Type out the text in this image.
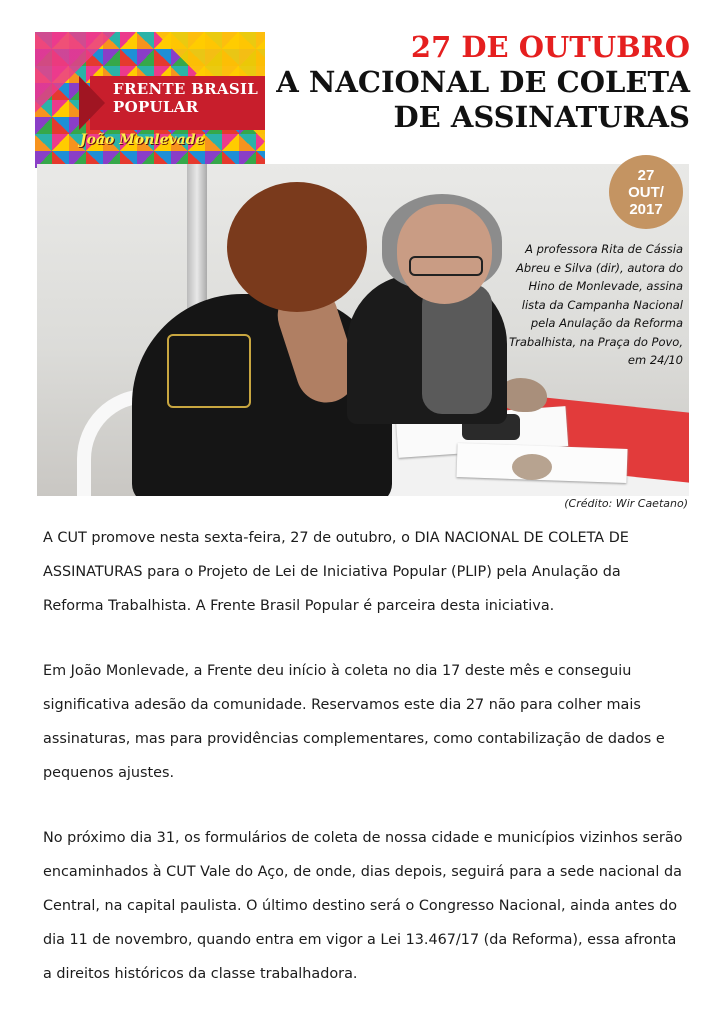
FRENTE BRASIL
POPULAR
João Monlevade
27 DE OUTUBRO
A NACIONAL DE COLETA
DE ASSINATURAS
27
OUT/
2017
A professora Rita de Cássia Abreu e Silva (dir), autora do Hino de Monlevade, assina lista da Campanha Nacional pela Anulação da Reforma Trabalhista, na Praça do Povo, em 24/10
(Crédito: Wir Caetano)

A CUT promove nesta sexta-feira, 27 de outubro, o DIA NACIONAL DE COLETA DE ASSINATURAS para o Projeto de Lei de Iniciativa Popular (PLIP) pela Anulação da Reforma Trabalhista. A Frente Brasil Popular é parceira desta iniciativa.

Em João Monlevade, a Frente deu início à coleta no dia 17 deste mês e conseguiu significativa adesão da comunidade. Reservamos este dia 27 não para colher mais assinaturas, mas para providências complementares, como contabilização de dados e pequenos ajustes.

No próximo dia 31, os formulários de coleta de nossa cidade e municípios vizinhos serão encaminhados à CUT Vale do Aço, de onde, dias depois, seguirá para a sede nacional da Central, na capital paulista. O último destino será o Congresso Nacional, ainda antes do dia 11 de novembro, quando entra em vigor a Lei 13.467/17 (da Reforma), essa afronta a direitos históricos da classe trabalhadora.
